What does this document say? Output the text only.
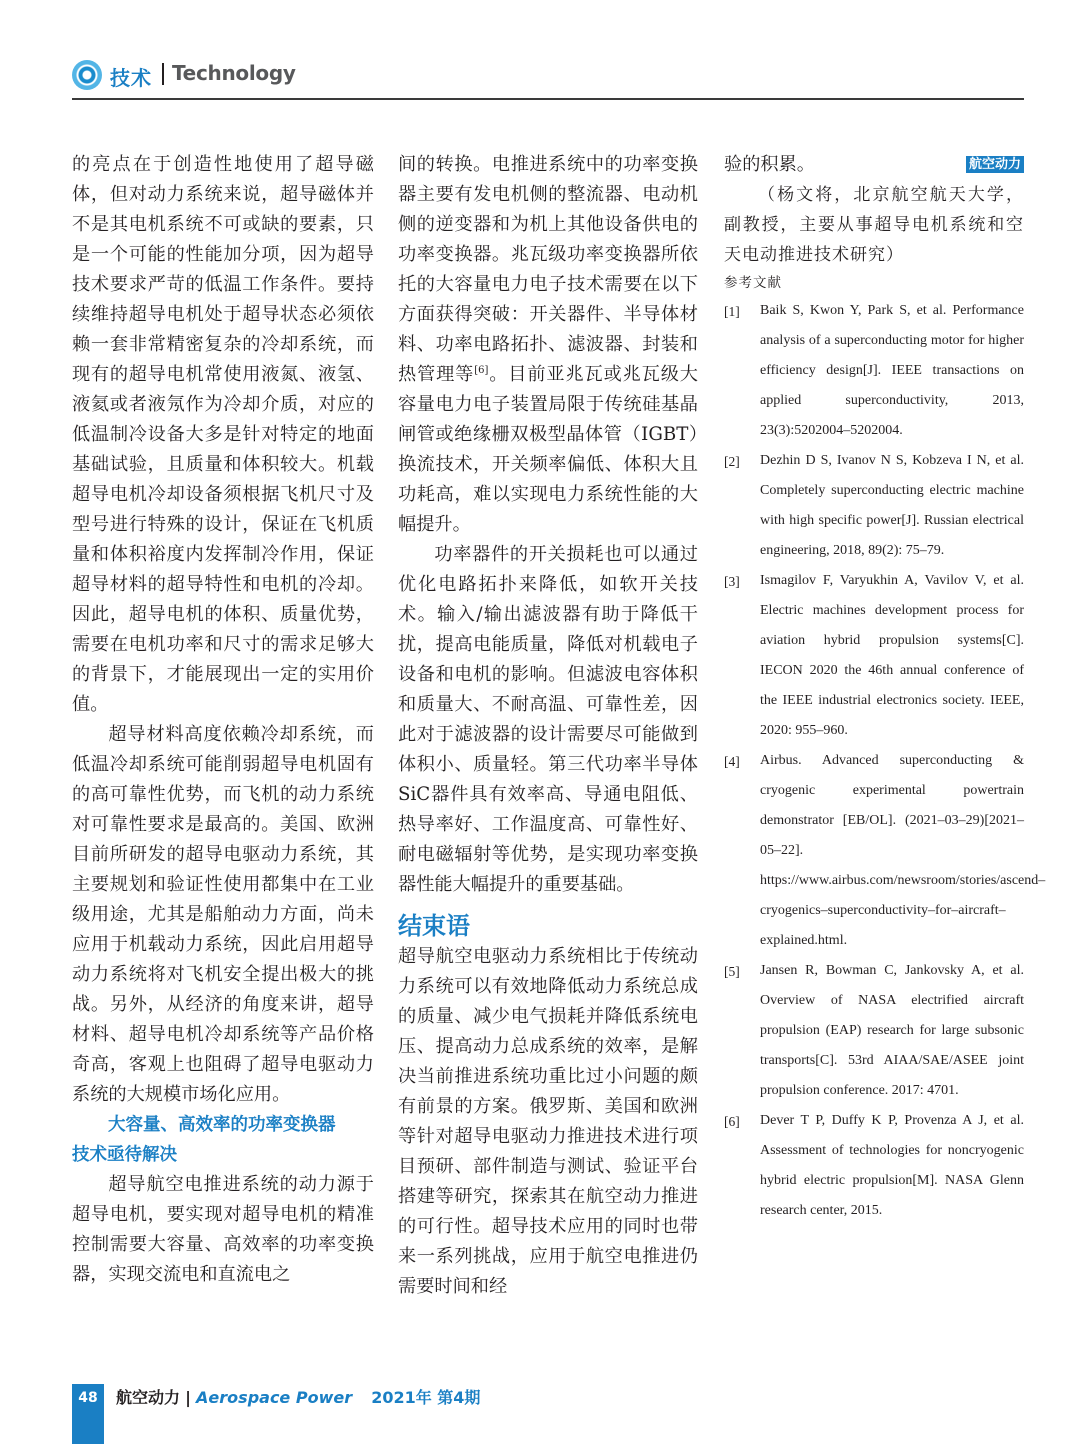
技术 Technology

的亮点在于创造性地使用了超导磁体，但对动力系统来说，超导磁体并不是其电机系统不可或缺的要素，只是一个可能的性能加分项，因为超导技术要求严苛的低温工作条件。要持续维持超导电机处于超导状态必须依赖一套非常精密复杂的冷却系统，而现有的超导电机常使用液氮、液氢、液氦或者液氖作为冷却介质，对应的低温制冷设备大多是针对特定的地面基础试验，且质量和体积较大。机载超导电机冷却设备须根据飞机尺寸及型号进行特殊的设计，保证在飞机质量和体积裕度内发挥制冷作用，保证超导材料的超导特性和电机的冷却。因此，超导电机的体积、质量优势，需要在电机功率和尺寸的需求足够大的背景下，才能展现出一定的实用价值。

超导材料高度依赖冷却系统，而低温冷却系统可能削弱超导电机固有的高可靠性优势，而飞机的动力系统对可靠性要求是最高的。美国、欧洲目前所研发的超导电驱动力系统，其主要规划和验证性使用都集中在工业级用途，尤其是船舶动力方面，尚未应用于机载动力系统，因此启用超导动力系统将对飞机安全提出极大的挑战。另外，从经济的角度来讲，超导材料、超导电机冷却系统等产品价格奇高，客观上也阻碍了超导电驱动力系统的大规模市场化应用。

大容量、高效率的功率变换器
技术亟待解决

超导航空电推进系统的动力源于超导电机，要实现对超导电机的精准控制需要大容量、高效率的功率变换器，实现交流电和直流电之

间的转换。电推进系统中的功率变换器主要有发电机侧的整流器、电动机侧的逆变器和为机上其他设备供电的功率变换器。兆瓦级功率变换器所依托的大容量电力电子技术需要在以下方面获得突破：开关器件、半导体材料、功率电路拓扑、滤波器、封装和热管理等[6]。目前亚兆瓦或兆瓦级大容量电力电子装置局限于传统硅基晶闸管或绝缘栅双极型晶体管（IGBT）换流技术，开关频率偏低、体积大且功耗高，难以实现电力系统性能的大幅提升。

功率器件的开关损耗也可以通过优化电路拓扑来降低，如软开关技术。输入/输出滤波器有助于降低干扰，提高电能质量，降低对机载电子设备和电机的影响。但滤波电容体积和质量大、不耐高温、可靠性差，因此对于滤波器的设计需要尽可能做到体积小、质量轻。第三代功率半导体SiC器件具有效率高、导通电阻低、热导率好、工作温度高、可靠性好、耐电磁辐射等优势，是实现功率变换器性能大幅提升的重要基础。

结束语

超导航空电驱动力系统相比于传统动力系统可以有效地降低动力系统总成的质量、减少电气损耗并降低系统电压、提高动力总成系统的效率，是解决当前推进系统功重比过小问题的颇有前景的方案。俄罗斯、美国和欧洲等针对超导电驱动力推进技术进行项目预研、部件制造与测试、验证平台搭建等研究，探索其在航空动力推进的可行性。超导技术应用的同时也带来一系列挑战，应用于航空电推进仍需要时间和经

验的积累。	航空动力

（杨文将，北京航空航天大学，副教授，主要从事超导电机系统和空天电动推进技术研究）

参考文献

[1] Baik S, Kwon Y, Park S, et al. Performance analysis of a superconducting motor for higher efficiency design[J]. IEEE transactions on applied superconductivity, 2013, 23(3):5202004–5202004.

[2] Dezhin D S, Ivanov N S, Kobzeva I N, et al. Completely superconducting electric machine with high specific power[J]. Russian electrical engineering, 2018, 89(2): 75–79.

[3] Ismagilov F, Varyukhin A, Vavilov V, et al. Electric machines development process for aviation hybrid propulsion systems[C]. IECON 2020 the 46th annual conference of the IEEE industrial electronics society. IEEE, 2020: 955–960.

[4] Airbus. Advanced superconducting & cryogenic experimental powertrain demonstrator [EB/OL]. (2021–03–29)[2021–05–22]. https://www.airbus.com/newsroom/stories/ascend–cryogenics–superconductivity–for–aircraft–explained.html.

[5] Jansen R, Bowman C, Jankovsky A, et al. Overview of NASA electrified aircraft propulsion (EAP) research for large subsonic transports[C]. 53rd AIAA/SAE/ASEE joint propulsion conference. 2017: 4701.

[6] Dever T P, Duffy K P, Provenza A J, et al. Assessment of technologies for noncryogenic hybrid electric propulsion[M]. NASA Glenn research center, 2015.

48	航空动力 | Aerospace Power 2021年 第4期
